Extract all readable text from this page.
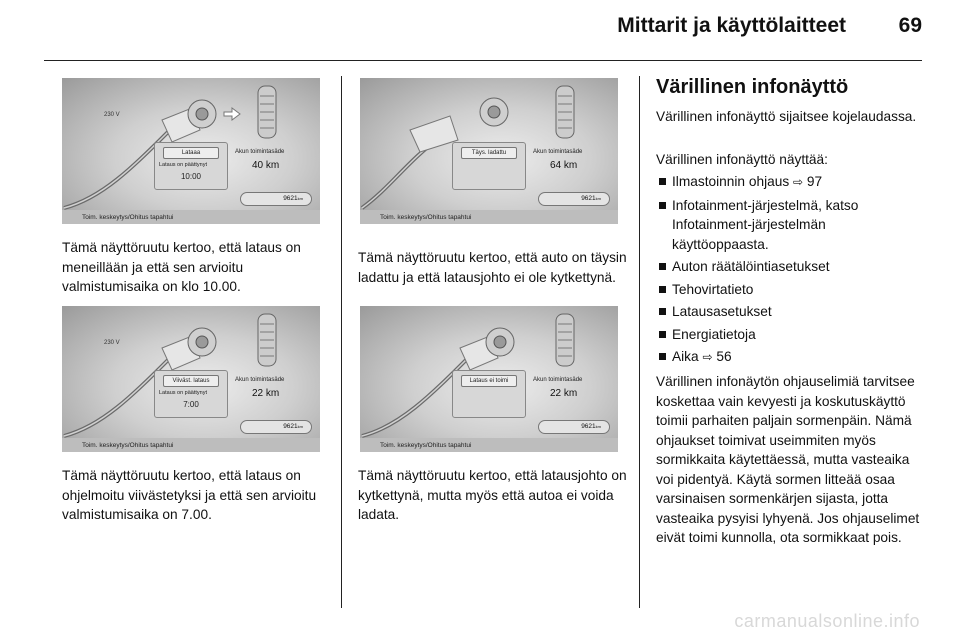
Mittarit ja käyttölaitteet	69
230 V
Lataaa
Lataus on päättynyt
10:00
Akun toimintasäde
40 km
9621km
Toim. keskeytys/Ohitus tapahtui
Tämä näyttöruutu kertoo, että lataus on meneillään ja että sen arvioitu valmistumisaika on klo 10.00.
230 V
Viiväst. lataus
Lataus on päättynyt
7:00
Akun toimintasäde
22 km
9621km
Toim. keskeytys/Ohitus tapahtui
Tämä näyttöruutu kertoo, että lataus on ohjelmoitu viivästetyksi ja että sen arvioitu valmistumisaika on 7.00.
Täys. ladattu	Akun toimintasäde
64 km
9621km
Toim. keskeytys/Ohitus tapahtui
Tämä näyttöruutu kertoo, että auto on täysin ladattu ja että latausjohto ei ole kytkettynä.
Lataus ei toimi	Akun toimintasäde
22 km
9621km
Toim. keskeytys/Ohitus tapahtui
Tämä näyttöruutu kertoo, että latausjohto on kytkettynä, mutta myös että autoa ei voida ladata.
Värillinen infonäyttö
Värillinen infonäyttö sijaitsee kojelaudassa.
Värillinen infonäyttö näyttää:
Ilmastoinnin ohjaus ⇨ 97
Infotainment-järjestelmä, katso Infotainment-järjestelmän käyttöoppaasta.
Auton räätälöintiasetukset
Tehovirtatieto
Latausasetukset
Energiatietoja
Aika ⇨ 56
Värillinen infonäytön ohjauselimiä tarvitsee koskettaa vain kevyesti ja koskutuskäyttö toimii parhaiten paljain sormenpäin. Nämä ohjaukset toimivat useimmiten myös sormikkaita käytettäessä, mutta vasteaika voi pidentyä. Käytä sormen litteää osaa varsinaisen sormenkärjen sijasta, jotta vasteaika pysyisi lyhyenä. Jos ohjauselimet eivät toimi kunnolla, ota sormikkaat pois.
carmanualsonline.info
